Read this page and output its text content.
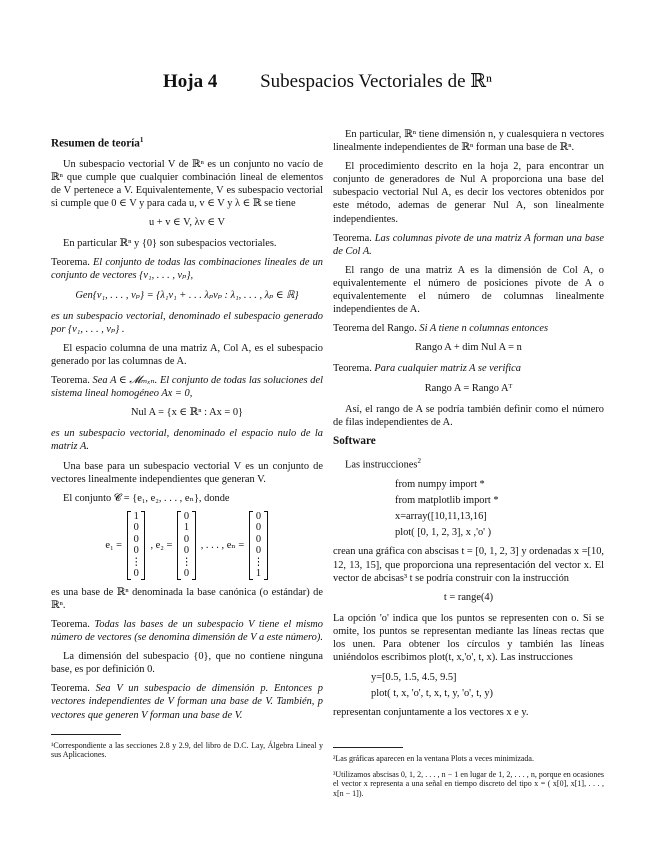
Hoja 4 Subespacios Vectoriales de ℝⁿ
Resumen de teoría$^1$

Un subespacio vectorial V de ℝⁿ es un conjunto no vacío de ℝⁿ que cumple que cualquier combinación lineal de elementos de V pertenece a V. Equivalentemente, V es subespacio vectorial si cumple que 0 ∈ V y para cada u, v ∈ V y λ ∈ ℝ se tiene

u + v ∈ V, λv ∈ V

En particular ℝⁿ y {0} son subespacios vectoriales.

Teorema. El conjunto de todas las combinaciones lineales de un conjunto de vectores {v₁, . . . , vₚ},

Gen{v₁, . . . , vₚ} = {λ₁v₁ + . . . λₚvₚ : λ₁, . . . , λₚ ∈ ℝ}

es un subespacio vectorial, denominado el subespacio generado por {v₁, . . . , vₚ} .

El espacio columna de una matriz A, Col A, es el subespacio generado por las columnas de A.

Teorema. Sea A ∈ 𝓜ₘₓₙ. El conjunto de todas las soluciones del sistema lineal homogéneo Ax = 0,

Nul A = {x ∈ ℝⁿ : Ax = 0}

es un subespacio vectorial, denominado el espacio nulo de la matriz A.

Una base para un subespacio vectorial V es un conjunto de vectores linealmente independientes que generan V.

El conjunto 𝓒 = {e₁, e₂, . . . , eₙ}, donde

e₁ =
1
0
0
0
⋮
0
, e₂ =
0
1
0
0
⋮
0
, . . . , eₙ =
0
0
0
0
⋮
1

es una base de ℝⁿ denominada la base canónica (o estándar) de ℝⁿ.

Teorema. Todas las bases de un subespacio V tiene el mismo número de vectores (se denomina dimensión de V a este número).

La dimensión del subespacio {0}, que no contiene ninguna base, es por definición 0.

Teorema. Sea V un subespacio de dimensión p. Entonces p vectores independientes de V forman una base de V. También, p vectores que generen V forman una base de V.

¹Correspondiente a las secciones 2.8 y 2.9, del libro de D.C. Lay, Álgebra Lineal y sus Aplicaciones.

En particular, ℝⁿ tiene dimensión n, y cualesquiera n vectores linealmente independientes de ℝⁿ forman una base de ℝⁿ.

El procedimiento descrito en la hoja 2, para encontrar un conjunto de generadores de Nul A proporciona una base del subespacio vectorial Nul A, es decir los vectores obtenidos por este método, ademas de generar Nul A, son linealmente independientes.

Teorema. Las columnas pivote de una matriz A forman una base de Col A.

El rango de una matriz A es la dimensión de Col A, o equivalentemente el número de posiciones pivote de A o equivalentemente el número de columnas linealmente independientes de A.

Teorema del Rango. Si A tiene n columnas entonces

Rango A + dim Nul A = n

Teorema. Para cualquier matriz A se verifica

Rango A = Rango Aᵀ

Así, el rango de A se podría también definir como el número de filas independientes de A.

Software

Las instrucciones$^2$

from numpy import *
from matplotlib import *
x=array([10,11,13,16]
plot( [0, 1, 2, 3], x ,'o' )

crean una gráfica con abscisas t = [0, 1, 2, 3] y ordenadas x =[10, 12, 13, 15], que proporciona una representación del vector x. El vector de abcisas³ t se podría construir con la instrucción

t = range(4)

La opción 'o' indica que los puntos se representen con o. Si se omite, los puntos se representan mediante las líneas rectas que los unen. Para obtener los círculos y también las líneas uniéndolos escribimos plot(t, x,'o', t, x). Las instrucciones

y=[0.5, 1.5, 4.5, 9.5]
plot( t, x, 'o', t, x, t, y, 'o', t, y)

representan conjuntamente a los vectores x e y.

²Las gráficas aparecen en la ventana Plots a veces minimizada.

³Utilizamos abscisas 0, 1, 2, . . . , n − 1 en lugar de 1, 2, . . . , n, porque en ocasiones el vector x representa a una señal en tiempo discreto del tipo x = ( x[0], x[1], . . . , x[n − 1]).
